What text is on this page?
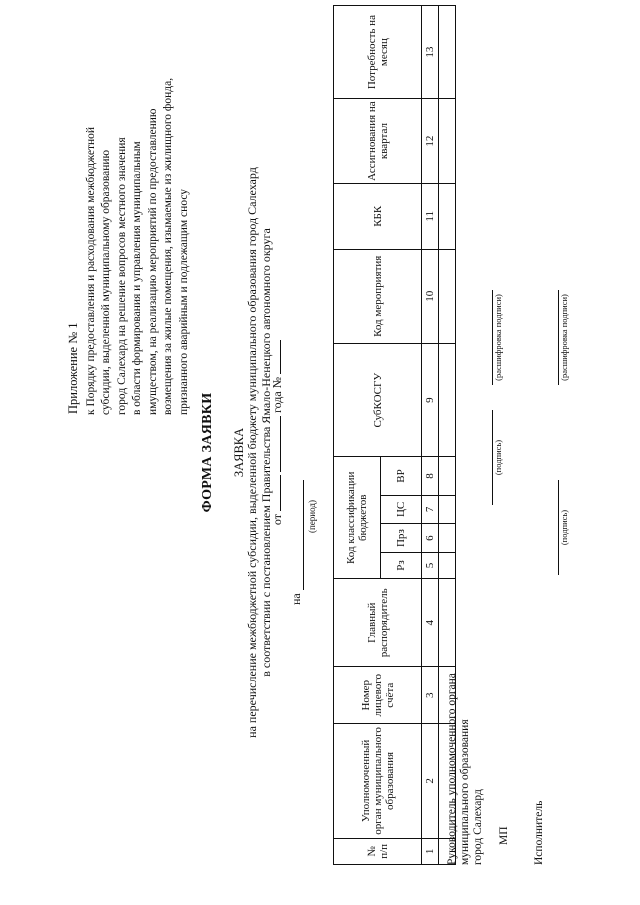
Приложение № 1 к Порядку предоставления и расходования межбюджетной субсидии, выделенной муниципальному образованию город Салехард на решение вопросов местного значения в области формирования и управления муниципальным имуществом, на реализацию мероприятий по предоставлению возмещения за жилые помещения, изымаемые из жилищного фонда, признанного аварийным и подлежащим сносу
ФОРМА ЗАЯВКИ ЗАЯВКА на перечисление межбюджетной субсидии, выделенной бюджету муниципального образования город Салехард в соответствии с постановлением Правительства Ямало-Ненецкого автономного округа
от   года №
на
(период)
№ п/п	Уполномоченный орган муниципального образования	Номер лицевого счёта	Главный распорядитель	Код классификации бюджетов				СубКОСГУ	Код мероприятия	КБК	Ассигнования на квартал	Потребность на месяц
				Рз	Прз	ЦС	ВР					
1	2	3	4	5	6	7	8	9	10	11	12	13

Руководитель уполномоченного органа муниципального образования город Салехард
(подпись)
(расшифровка подписи)
МП Исполнитель
(подпись)
(расшифровка подписи)
